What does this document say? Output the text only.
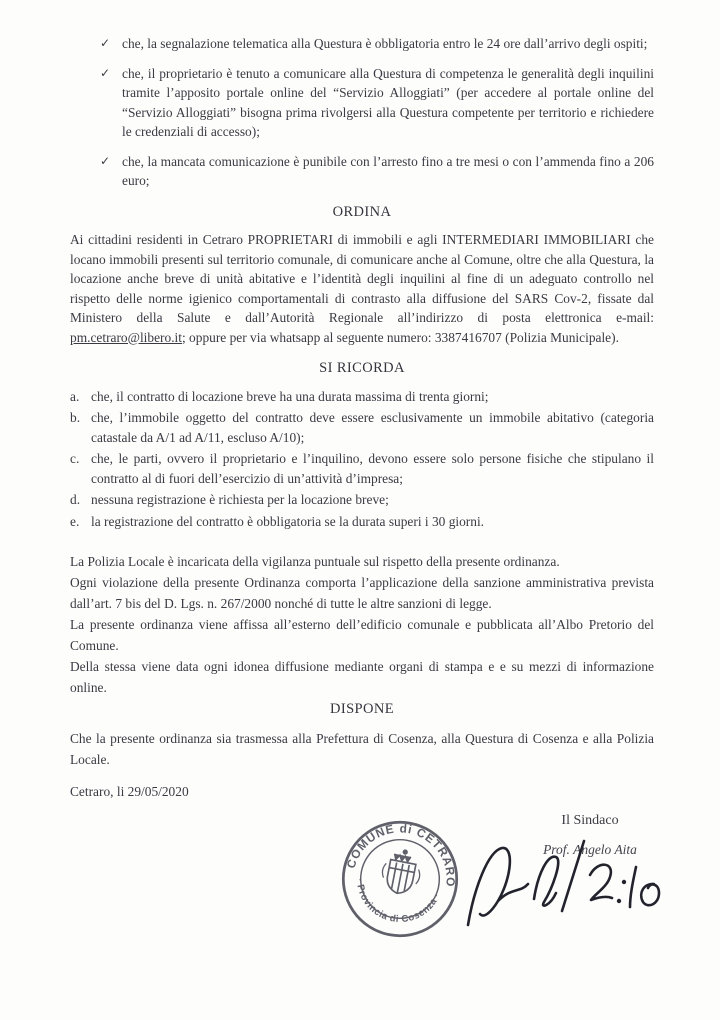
✓ che, la segnalazione telematica alla Questura è obbligatoria entro le 24 ore dall’arrivo degli ospiti;

✓ che, il proprietario è tenuto a comunicare alla Questura di competenza le generalità degli inquilini tramite l’apposito portale online del “Servizio Alloggiati” (per accedere al portale online del “Servizio Alloggiati” bisogna prima rivolgersi alla Questura competente per territorio e richiedere le credenziali di accesso);

✓ che, la mancata comunicazione è punibile con l’arresto fino a tre mesi o con l’ammenda fino a 206 euro;

ORDINA

Ai cittadini residenti in Cetraro PROPRIETARI di immobili e agli INTERMEDIARI IMMOBILIARI che locano immobili presenti sul territorio comunale, di comunicare anche al Comune, oltre che alla Questura, la locazione anche breve di unità abitative e l’identità degli inquilini al fine di un adeguato controllo nel rispetto delle norme igienico comportamentali di contrasto alla diffusione del SARS Cov-2, fissate dal Ministero della Salute e dall’Autorità Regionale all’indirizzo di posta elettronica e-mail: pm.cetraro@libero.it; oppure per via whatsapp al seguente numero: 3387416707 (Polizia Municipale).

SI RICORDA
a. che, il contratto di locazione breve ha una durata massima di trenta giorni;

b. che, l’immobile oggetto del contratto deve essere esclusivamente un immobile abitativo (categoria catastale da A/1 ad A/11, escluso A/10);

c. che, le parti, ovvero il proprietario e l’inquilino, devono essere solo persone fisiche che stipulano il contratto al di fuori dell’esercizio di un’attività d’impresa;

d. nessuna registrazione è richiesta per la locazione breve;

e. la registrazione del contratto è obbligatoria se la durata superi i 30 giorni.

La Polizia Locale è incaricata della vigilanza puntuale sul rispetto della presente ordinanza.

Ogni violazione della presente Ordinanza comporta l’applicazione della sanzione amministrativa prevista dall’art. 7 bis del D. Lgs. n. 267/2000 nonché di tutte le altre sanzioni di legge.

La presente ordinanza viene affissa all’esterno dell’edificio comunale e pubblicata all’Albo Pretorio del Comune.

Della stessa viene data ogni idonea diffusione mediante organi di stampa e e su mezzi di informazione online.

DISPONE

Che la presente ordinanza sia trasmessa alla Prefettura di Cosenza, alla Questura di Cosenza e alla Polizia Locale.

Cetraro, li 29/05/2020

COMUNE di CETRARO
· Provincia di Cosenza ·
Il Sindaco
Prof. Angelo Aita
